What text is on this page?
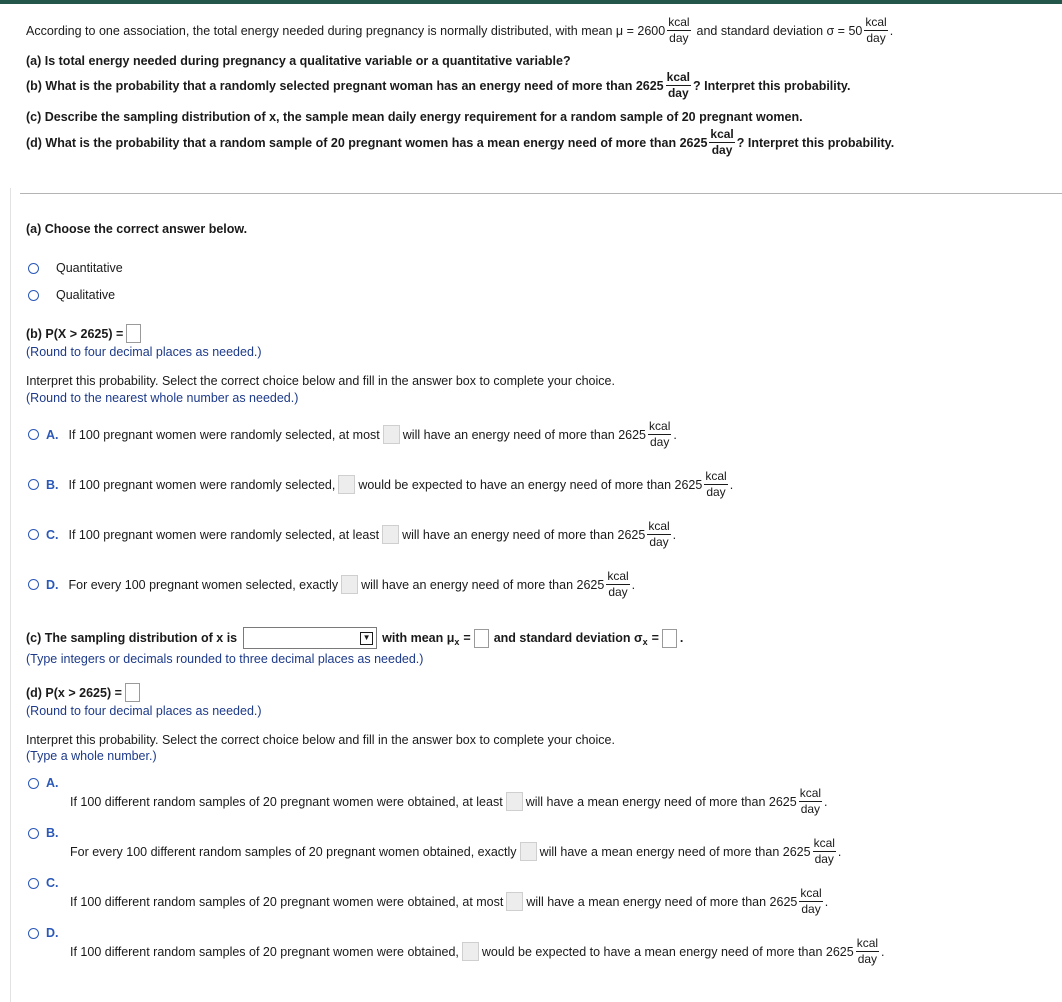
According to one association, the total energy needed during pregnancy is normally distributed, with mean $\mu = 2600 \frac{\text{kcal}}{\text{day}}$ and standard deviation $\sigma = 50 \frac{\text{kcal}}{\text{day}}$ .
(a) Is total energy needed during pregnancy a qualitative variable or a quantitative variable?
(b) What is the probability that a randomly selected pregnant woman has an energy need of more than $2625 \frac{\text{kcal}}{\text{day}}$ ? Interpret this probability.
(c) Describe the sampling distribution of x, the sample mean daily energy requirement for a random sample of 20 pregnant women.
(d) What is the probability that a random sample of 20 pregnant women has a mean energy need of more than $2625 \frac{\text{kcal}}{\text{day}}$ ? Interpret this probability.
(a) Choose the correct answer below.
Quantitative
Qualitative
(b) P(X > 2625) =
(Round to four decimal places as needed.)
Interpret this probability. Select the correct choice below and fill in the answer box to complete your choice.
(Round to the nearest whole number as needed.)
A. If 100 pregnant women were randomly selected, at most will have an energy need of more than $2625 \frac{\text{kcal}}{\text{day}}$ .
B. If 100 pregnant women were randomly selected, would be expected to have an energy need of more than $2625 \frac{\text{kcal}}{\text{day}}$ .
C. If 100 pregnant women were randomly selected, at least will have an energy need of more than $2625 \frac{\text{kcal}}{\text{day}}$ .
D. For every 100 pregnant women selected, exactly will have an energy need of more than $2625 \frac{\text{kcal}}{\text{day}}$ .
(c) The sampling distribution of x is	▼ with mean μ x = and standard deviation σ x = .
(Type integers or decimals rounded to three decimal places as needed.)
(d) P(x > 2625) =
(Round to four decimal places as needed.)
Interpret this probability. Select the correct choice below and fill in the answer box to complete your choice.
(Type a whole number.)
A.
If 100 different random samples of 20 pregnant women were obtained, at least will have a mean energy need of more than $2625 \frac{\text{kcal}}{\text{day}}$ .
B.
For every 100 different random samples of 20 pregnant women obtained, exactly will have a mean energy need of more than $2625 \frac{\text{kcal}}{\text{day}}$ .
C.
If 100 different random samples of 20 pregnant women were obtained, at most will have a mean energy need of more than $2625 \frac{\text{kcal}}{\text{day}}$ .
D.
If 100 different random samples of 20 pregnant women were obtained, would be expected to have a mean energy need of more than $2625 \frac{\text{kcal}}{\text{day}}$ .
